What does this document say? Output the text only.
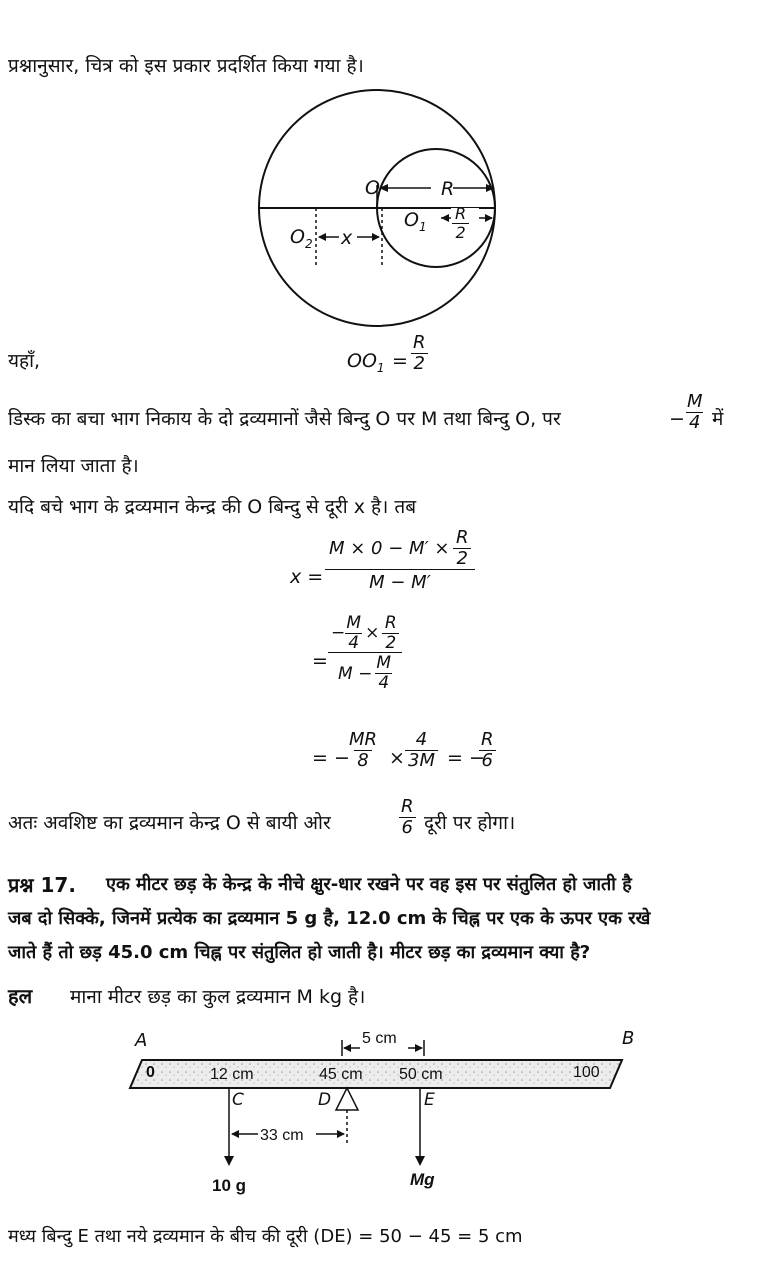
प्रश्नानुसार, चित्र को इस प्रकार प्रदर्शित किया गया है।
O	R
$O_1$
$O_2$ x	$\frac{R}{2}$
यहाँ,	$OO_1 = \frac{R}{2}$
डिस्क का बचा भाग निकाय के दो द्रव्यमानों जैसे बिन्दु O पर M तथा बिन्दु O, पर	− $\frac{M}{4}$ में
मान लिया जाता है।
यदि बचे भाग के द्रव्यमान केन्द्र की O बिन्दु से दूरी x है। तब
x =
$M \times 0 - M' \times \frac{R}{2}$
M − M′
=
− $\frac{M}{4} \times \frac{R}{2}$
$M - \frac{M}{4}$
= −
$\frac{MR}{8} \times \frac{4}{3M}$ = −
$\frac{R}{6}$
अतः अवशिष्ट का द्रव्यमान केन्द्र O से बायी ओर	$\frac{R}{6}$ दूरी पर होगा।
प्रश्न 17. एक मीटर छड़ के केन्द्र के नीचे क्षुर-धार रखने पर वह इस पर संतुलित हो जाती है
जब दो सिक्के, जिनमें प्रत्येक का द्रव्यमान 5 g है, 12.0 cm के चिह्न पर एक के ऊपर एक रखे
जाते हैं तो छड़ 45.0 cm चिह्न पर संतुलित हो जाती है। मीटर छड़ का द्रव्यमान क्या है?
हल माना मीटर छड़ का कुल द्रव्यमान M kg है।
A	B
5 cm
0	12 cm	45 cm 50 cm	100
C	D	E
33 cm
10 g	Mg
मध्य बिन्दु E तथा नये द्रव्यमान के बीच की दूरी (DE) = 50 − 45 = 5 cm
